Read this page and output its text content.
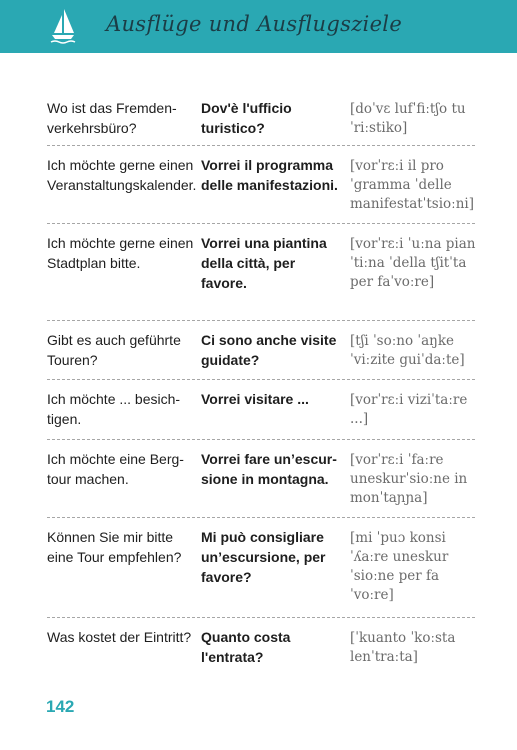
Ausflüge und Ausflugsziele
Wo ist das Fremdenverkehrsbüro?
Dov'è l'ufficio turistico?
[doˈvɛ lufˈfiːtʃo tuˈriːstiko]
Ich möchte gerne einen Veranstaltungskalender.
Vorrei il programma delle manifestazioni.
[vorˈrɛːi il proˈgramma ˈdelle manifestatˈtsioːni]
Ich möchte gerne einen Stadtplan bitte.
Vorrei una piantina della città, per favore.
[vorˈrɛːi ˈuːna pianˈtiːna ˈdella tʃitˈta per faˈvoːre]
Gibt es auch geführte Touren?
Ci sono anche visite guidate?
[tʃi ˈsoːno ˈaŋke ˈviːzite guiˈdaːte]
Ich möchte ... besichtigen.
Vorrei visitare ...	[vorˈrɛːi viziˈtaːre ...]
Ich möchte eine Bergtour machen.
Vorrei fare un’escursione in montagna.
[vorˈrɛːi ˈfaːre uneskurˈsioːne in monˈtaɲɲa]
Können Sie mir bitte eine Tour empfehlen?
Mi può consigliare un’escursione, per favore?
[mi ˈpuɔ konsiˈʎaːre uneskurˈsioːne per faˈvoːre]
Was kostet der Eintritt? Quanto costa l'entrata?
[ˈkuanto ˈkoːsta lenˈtraːta]
142
